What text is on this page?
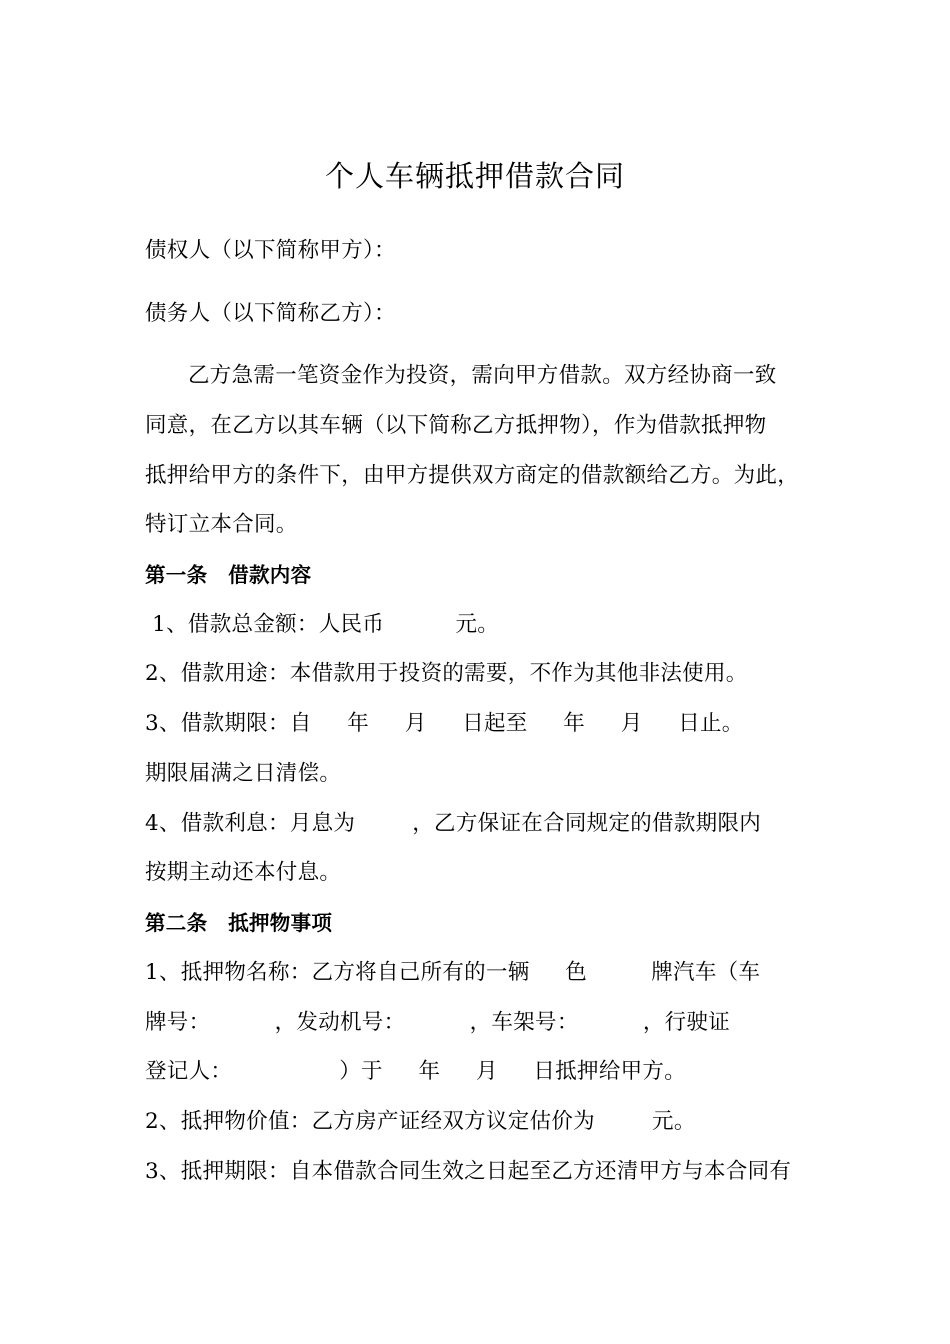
个人车辆抵押借款合同
债权人（以下简称甲方）：
债务人（以下简称乙方）：
乙方急需一笔资金作为投资，需向甲方借款。双方经协商一致
同意，在乙方以其车辆（以下简称乙方抵押物），作为借款抵押物
抵押给甲方的条件下，由甲方提供双方商定的借款额给乙方。为此，
特订立本合同。
第一条　借款内容
1、借款总金额：人民币          元。
2、借款用途：本借款用于投资的需要，不作为其他非法使用。
3、借款期限：自     年     月     日起至     年     月     日止。
期限届满之日清偿。
4、借款利息：月息为        ，乙方保证在合同规定的借款期限内
按期主动还本付息。
第二条　抵押物事项
1、抵押物名称：乙方将自己所有的一辆     色         牌汽车（车
牌号：         ，发动机号：         ，车架号：         ，行驶证
登记人：               ）于     年     月     日抵押给甲方。
2、抵押物价值：乙方房产证经双方议定估价为        元。
3、抵押期限：自本借款合同生效之日起至乙方还清甲方与本合同有
